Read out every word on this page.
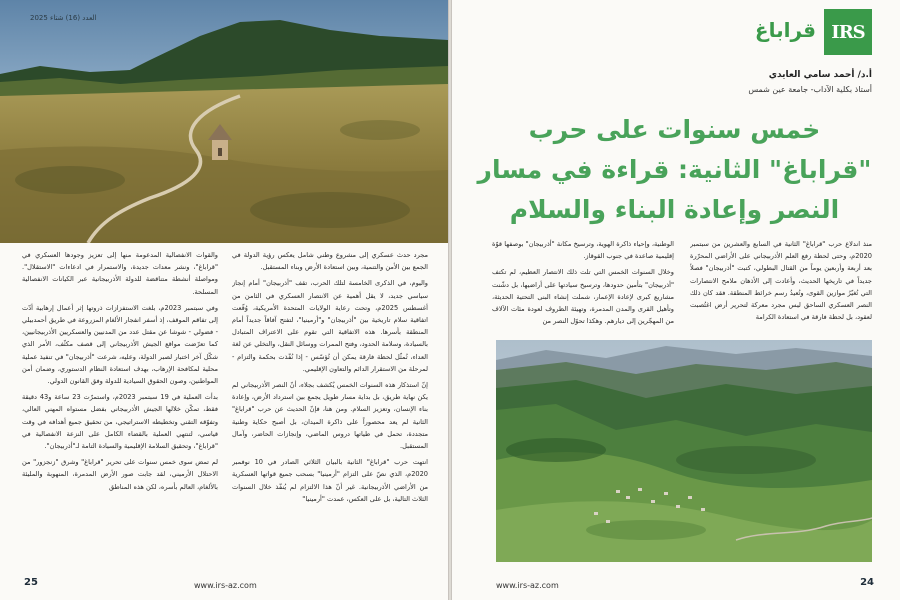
العدد (16) شتاء 2025

مجرد حدث عسكري إلى مشروع وطني شامل يعكس رؤية الدولة في الجمع بين الأمن والتنمية، وبين استعادة الأرض وبناء المستقبل.

واليوم، في الذكرى الخامسة لتلك الحرب، تقف "أذربيجان" أمام إنجاز سياسي جديد، لا يقل أهمية عن الانتصار العسكري في الثامن من أغسطس 2025م، وتحت رعاية الولايات المتحدة الأمريكية، وُقّعت اتفاقية سلام تاريخية بين "أذربيجان" و"أرمينيا"، لتفتح آفاقاً جديداً أمام المنطقة بأسرها. هذه الاتفاقية التي تقوم على الاعتراف المتبادل بالسيادة، وسلامة الحدود، وفتح الممرات ووسائل النقل، والتخلي عن لغة العداء، تُمثّل لحظة فارقة يمكن أن تُؤسّس - إذا نُفّذت بحكمة والتزام - لمرحلة من الاستقرار الدائم والتعاون الإقليمي.

إنّ استذكار هذه السنوات الخمس يُكشف بجلاء، أنّ النصر الأذربيجاني لم يكن نهاية طريق، بل بداية مسار طويل يجمع بين استرداد الأرض، وإعادة بناء الإنسان، وتعزيز السلام. ومن هنا، فإنّ الحديث عن حرب "قراباغ" الثانية لم يعد محصوراً على ذاكرة الميدان، بل أصبح حكاية وطنية متجددة، تحمل في طياتها دروس الماضي، وإنجازات الحاضر، وآمال المستقبل.

انتهت حرب "قراباغ" الثانية بالبيان الثلاثي الصادر في 10 نوفمبر 2020م، الذي نصّ على التزام "أرمينيا" بسحب جميع قواتها العسكرية من الأراضي الأذربيجانية. غير أنّ هذا الالتزام لم يُنفّذ خلال السنوات الثلاث التالية، بل على العكس، عمدت "أرمينيا"

والقوات الانفصالية المدعومة منها إلى تعزيز وجودها العسكري في "قراباغ"، ونشر معدات جديدة، والاستمرار في ادعاءات "الاستقلال". ومواصلة أنشطة متناقضة للدولة الأذربيجانية عبر الكيانات الانفصالية المسلحة.

وفي سبتمبر 2023م، بلغت الاستفزازات ذروتها إثر أعمال إرهابية أدّت إلى تفاقم الموقف، إذ أسفر انفجار الألغام المزروعة في طريق أحمدبيلي - فضولي - شوشا عن مقتل عدد من المدنيين والعسكريين الأذربيجانيين، كما تعرّضت مواقع الجيش الأذربيجاني إلى قصف مكثّف، الأمر الذي شكّل آخر اختبار لصبر الدولة، وعليه، شرعت "أذربيجان" في تنفيذ عملية محلية لمكافحة الإرهاب، بهدف استعادة النظام الدستوري، وضمان أمن المواطنين، وصون الحقوق السيادية للدولة وفق القانون الدولي.

بدأت العملية في 19 سبتمبر 2023م، واستمرّت 23 ساعة و43 دقيقة فقط، تمكّن خلالها الجيش الأذربيجاني بفضل مستواه المهني العالي، وتفوّقه التقني وتخطيطه الاستراتيجي، من تحقيق جميع أهدافه في وقت قياسي، لتنتهي العملية بالقضاء الكامل على النزعة الانفصالية في "قراباغ"، وتحقيق السلامة الإقليمية والسيادة التامة لـ"أذربيجان".

لم تمض سوى خمس سنوات على تحرير "قراباغ" وشرق "زنجزور" من الاحتلال الأرميني، لقد جابت صور الأرض المدمرة، المنهوبة والمليئة بالألغام، العالم بأسره، لكن هذه المناطق

25	www.irs-az.com
IRS
قراباغ
أ.د/ أحمد سامي العايدي
أستاذ بكلية الآداب- جامعة عين شمس
خمس سنوات على حرب
"قراباغ" الثانية: قراءة في مسار
النصر وإعادة البناء والسلام

منذ اندلاع حرب "قراباغ" الثانية في السابع والعشرين من سبتمبر 2020م، وحتى لحظة رفع العلم الأذربيجاني على الأراضي المحرّرة بعد أربعة وأربعين يوماً من القتال البطولي، كتبت "أذربيجان" فصلاً جديداً في تاريخها الحديث، وأعادت إلى الأذهان ملامح الانتصارات التي تُغيّرُ موازين القوى، وتُعيدُ رسم خرائط المنطقة. فقد كان ذلك النصر العسكري الساحق ليس مجرد معركة لتحرير أرض اغتُصبت لعقود، بل لحظة فارقة في استعادة الكرامة

الوطنية، وإحياء ذاكرة الهوية، وترسيخ مكانة "أذربيجان" بوصفها قوّة إقليمية صاعدة في جنوب القوقاز.

وخلال السنوات الخمس التي تلت ذلك الانتصار العظيم، لم تكتف "أذربيجان" بتأمين حدودها، وترسيخ سيادتها على أراضيها، بل دشّنت مشاريع كبرى لإعادة الإعمار، شملت إنشاء البنى التحتية الحديثة، وتأهيل القرى والمدن المدمرة، وتهيئة الظروف لعودة مئات الآلاف من المهجّرين إلى ديارهم. وهكذا تحوّل النصر من

www.irs-az.com	24
